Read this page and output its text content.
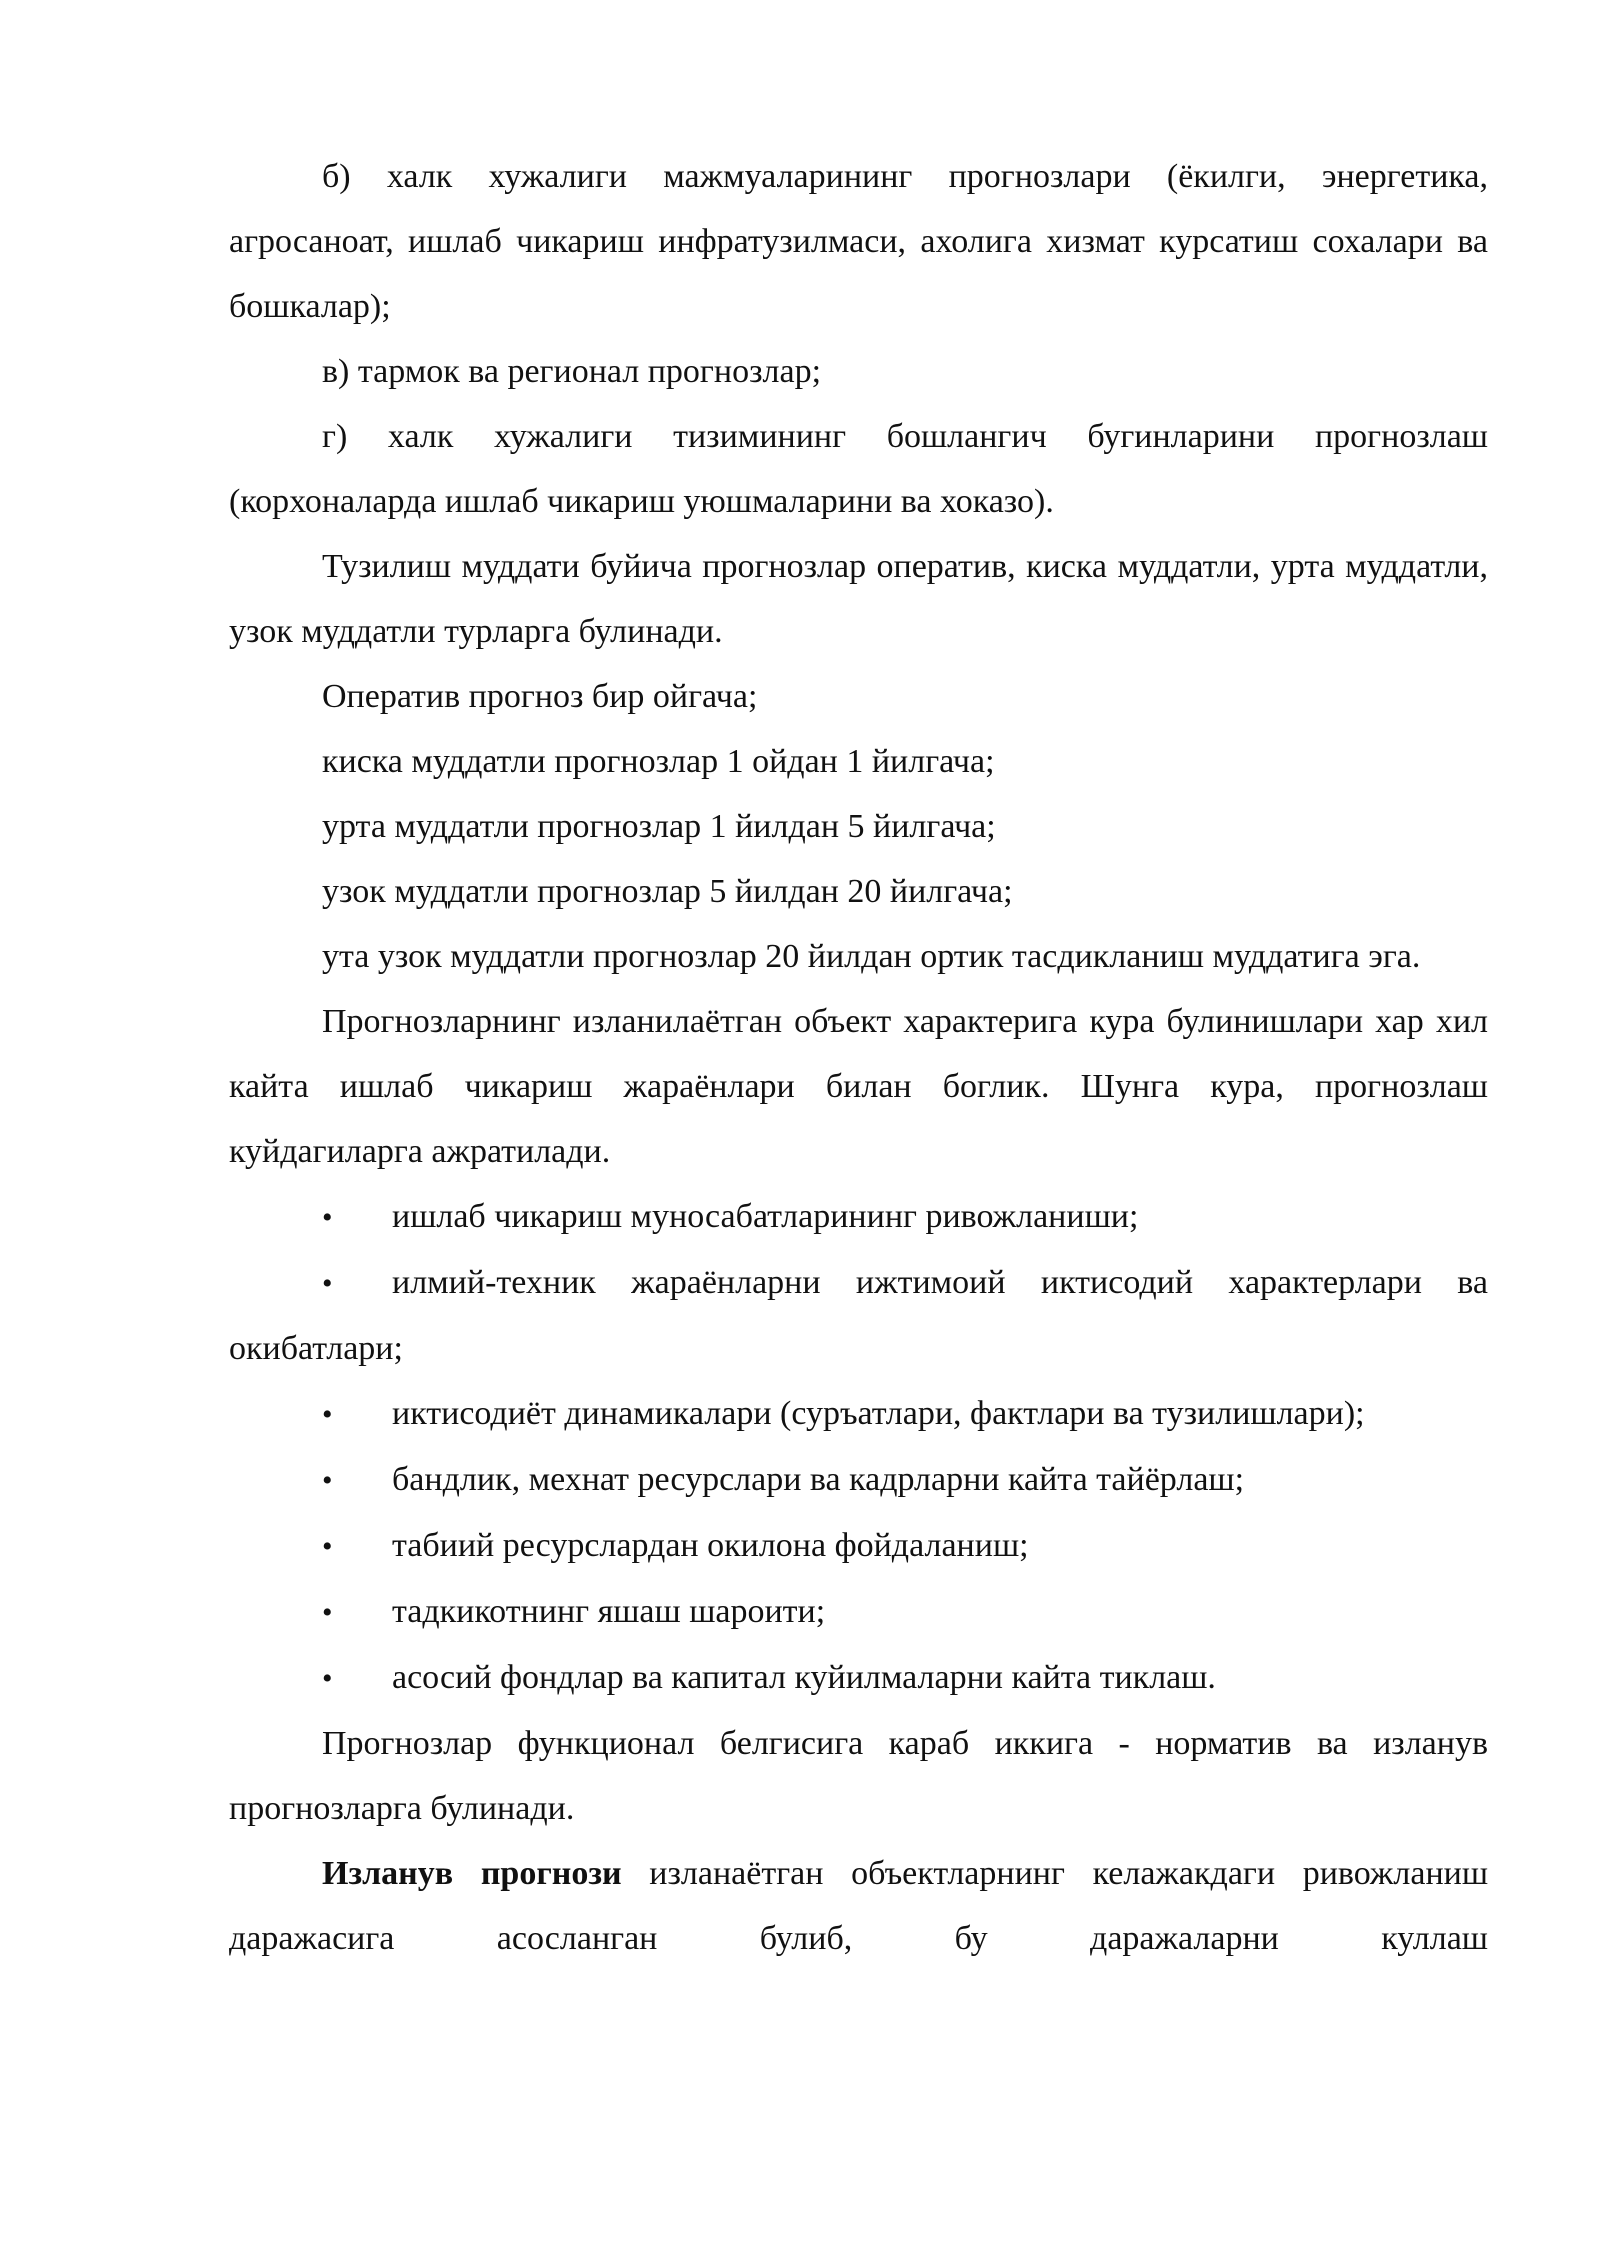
б) халк хужалиги мажмуаларининг прогнозлари (ёкилги, энергетика, агросаноат, ишлаб чикариш инфратузилмаси, ахолига хизмат курсатиш сохалари ва бошкалар);

в) тармок ва регионал прогнозлар;

г) халк хужалиги тизимининг бошлангич бугинларини прогнозлаш (корхоналарда ишлаб чикариш уюшмаларини ва хоказо).

Тузилиш муддати буйича прогнозлар оператив, киска муддатли, урта муддатли, узок муддатли турларга булинади.

Оператив прогноз бир ойгача;

киска муддатли прогнозлар 1 ойдан 1 йилгача;

урта муддатли прогнозлар 1 йилдан 5 йилгача;

узок муддатли прогнозлар 5 йилдан 20 йилгача;

ута узок муддатли прогнозлар 20 йилдан ортик тасдикланиш муддатига эга.

Прогнозларнинг изланилаётган объект характерига кура булинишлари хар хил кайта ишлаб чикариш жараёнлари билан боглик. Шунга кура, прогнозлаш куйдагиларга ажратилади.

• ишлаб чикариш муносабатларининг ривожланиши;

• илмий-техник жараёнларни ижтимоий иктисодий характерлари ва окибатлари;

• иктисодиёт динамикалари (суръатлари, фактлари ва тузилишлари);

• бандлик, мехнат ресурслари ва кадрларни кайта тайёрлаш;

• табиий ресурслардан окилона фойдаланиш;

• тадкикотнинг яшаш шароити;

• асосий фондлар ва капитал куйилмаларни кайта тиклаш.

Прогнозлар функционал белгисига караб иккига - норматив ва изланув прогнозларга булинади.

Изланув прогнози изланаётган объектларнинг келажакдаги ривожланиш даражасига асосланган булиб, бу даражаларни куллаш
